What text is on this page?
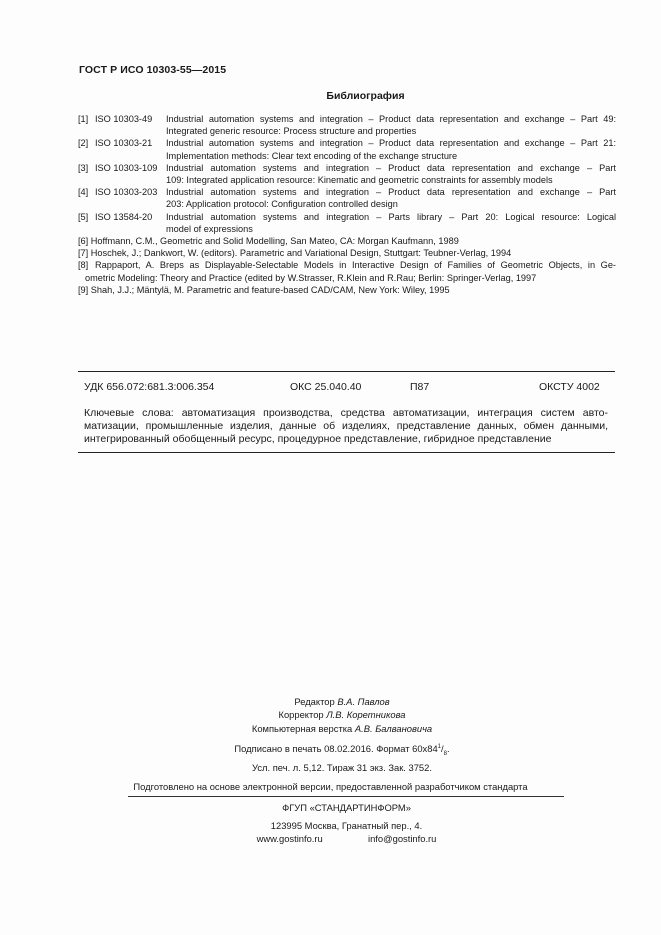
ГОСТ Р ИСО 10303-55—2015
Библиография
[1] ISO 10303-49	Industrial automation systems and integration – Product data representation and exchange – Part 49:
Integrated generic resource: Process structure and properties
[2] ISO 10303-21	Industrial automation systems and integration – Product data representation and exchange – Part 21:
Implementation methods: Clear text encoding of the exchange structure
[3] ISO 10303-109 Industrial automation systems and integration – Product data representation and exchange – Part
109: Integrated application resource: Kinematic and geometric constraints for assembly models
[4] ISO 10303-203 Industrial automation systems and integration – Product data representation and exchange – Part
203: Application protocol: Configuration controlled design
[5] ISO 13584-20	Industrial automation systems and integration – Parts library – Part 20: Logical resource: Logical
model of expressions
[6] Hoffmann, C.M., Geometric and Solid Modelling, San Mateo, CA: Morgan Kaufmann, 1989
[7] Hoschek, J.; Dankwort, W. (editors). Parametric and Variational Design, Stuttgart: Teubner-Verlag, 1994
[8] Rappaport, A. Breps as Displayable-Selectable Models in Interactive Design of Families of Geometric Objects, in Ge-
ometric Modeling: Theory and Practice (edited by W.Strasser, R.Klein and R.Rau; Berlin: Springer-Verlag, 1997
[9] Shah, J.J.; Mäntylä, M. Parametric and feature-based CAD/CAM, New York: Wiley, 1995
УДК 656.072:681.3:006.354	ОКС 25.040.40	П87	ОКСТУ 4002
Ключевые слова: автоматизация производства, средства автоматизации, интеграция систем авто-
матизации, промышленные изделия, данные об изделиях, представление данных, обмен данными,
интегрированный обобщенный ресурс, процедурное представление, гибридное представление
Редактор В.А. Павлов
Корректор Л.В. Коретникова
Компьютерная верстка А.В. Балвановича
Подписано в печать 08.02.2016. Формат $60х84^1/_8$.
Усл. печ. л. 5,12. Тираж 31 экз. Зак. 3752.
Подготовлено на основе электронной версии, предоставленной разработчиком стандарта
ФГУП «СТАНДАРТИНФОРМ»
123995 Москва, Гранатный пер., 4.
www.gostinfo.ru	info@gostinfo.ru
